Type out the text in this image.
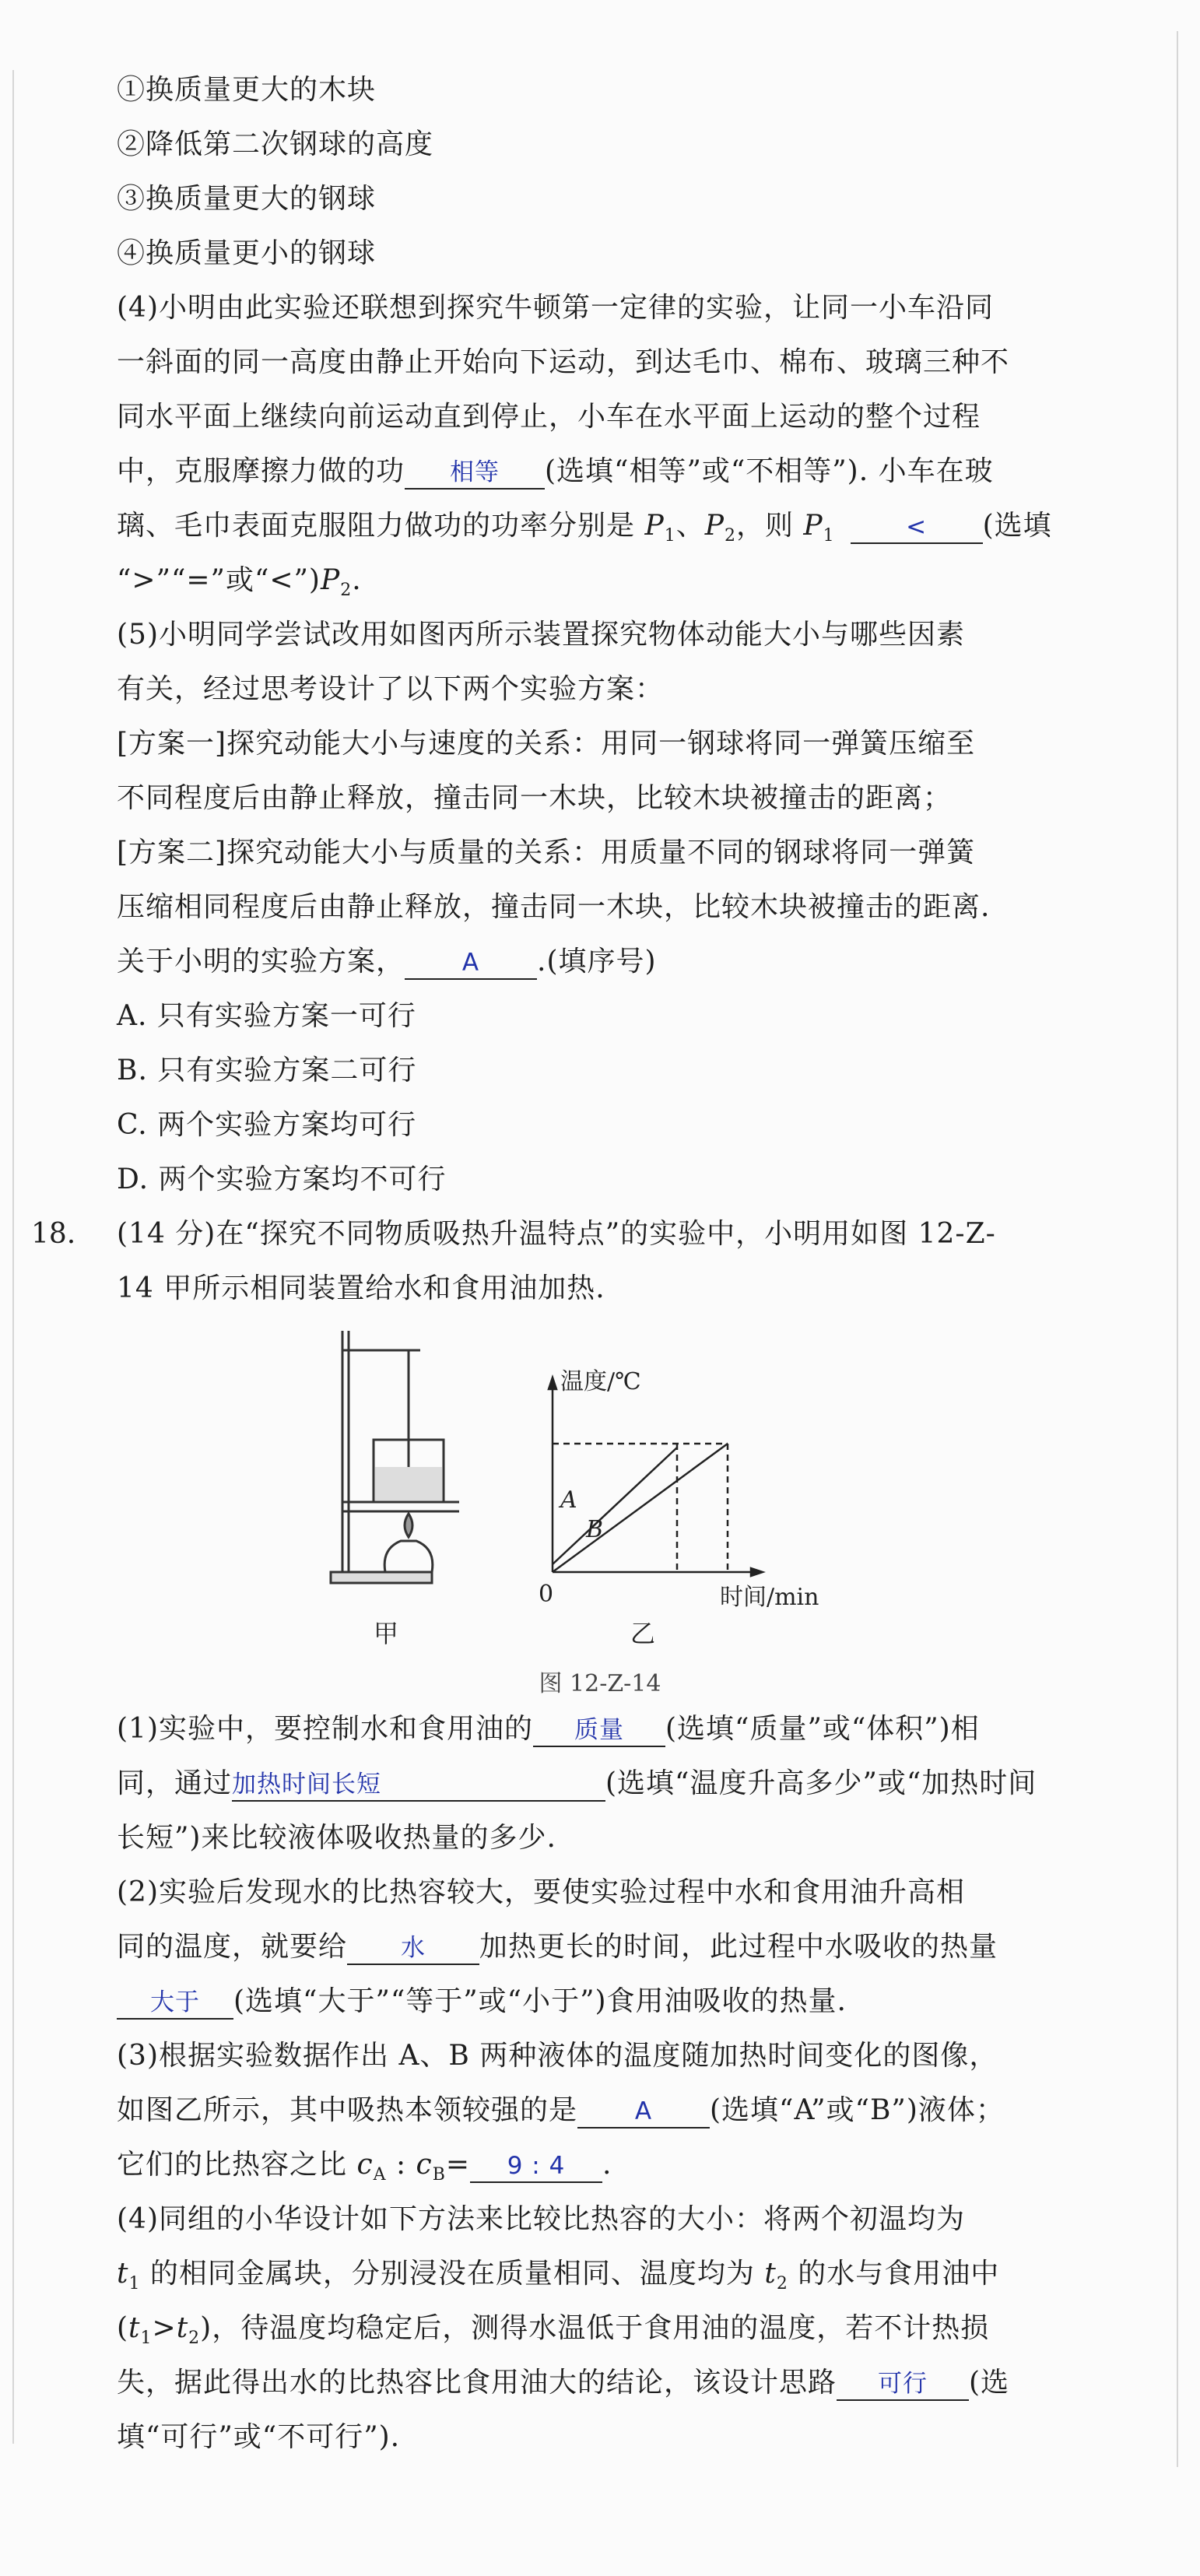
①换质量更大的木块
②降低第二次钢球的高度
③换质量更大的钢球
④换质量更小的钢球
(4)小明由此实验还联想到探究牛顿第一定律的实验，让同一小车沿同
一斜面的同一高度由静止开始向下运动，到达毛巾、棉布、玻璃三种不
同水平面上继续向前运动直到停止，小车在水平面上运动的整个过程
中，克服摩擦力做的功 相等 (选填“相等”或“不相等”). 小车在玻
璃、毛巾表面克服阻力做功的功率分别是 $P_1$、$P_2$，则 $P_1$	< (选填
“>”“=”或“$<”)P_2$.
(5)小明同学尝试改用如图丙所示装置探究物体动能大小与哪些因素
有关，经过思考设计了以下两个实验方案：
[方案一]探究动能大小与速度的关系：用同一钢球将同一弹簧压缩至
不同程度后由静止释放，撞击同一木块，比较木块被撞击的距离；
[方案二]探究动能大小与质量的关系：用质量不同的钢球将同一弹簧
压缩相同程度后由静止释放，撞击同一木块，比较木块被撞击的距离.
关于小明的实验方案， A .(填序号)
A. 只有实验方案一可行
B. 只有实验方案二可行
C. 两个实验方案均可行
D. 两个实验方案均不可行
18. (14 分)在“探究不同物质吸热升温特点”的实验中，小明用如图 12-Z-
14 甲所示相同装置给水和食用油加热.
温度/℃
时间/min
0
A
B
甲	乙
图 12-Z-14
(1)实验中，要控制水和食用油的 质量 (选填“质量”或“体积”)相
同，通过加热时间长短	(选填“温度升高多少”或“加热时间
长短”)来比较液体吸收热量的多少.
(2)实验后发现水的比热容较大，要使实验过程中水和食用油升高相
同的温度，就要给 水 加热更长的时间，此过程中水吸收的热量
大于 (选填“大于”“等于”或“小于”)食用油吸收的热量.
(3)根据实验数据作出 A、B 两种液体的温度随加热时间变化的图像，
如图乙所示，其中吸热本领较强的是 A (选填“A”或“B”)液体；
它们的比热容之比 $c_A$ : $c_B= 9$ : 4 .
(4)同组的小华设计如下方法来比较比热容的大小：将两个初温均为
$t_1$ 的相同金属块，分别浸没在质量相同、温度均为 $t_2$ 的水与食用油中
$(t_1>t_2)$，待温度均稳定后，测得水温低于食用油的温度，若不计热损
失，据此得出水的比热容比食用油大的结论，该设计思路 可行 (选
填“可行”或“不可行”).
